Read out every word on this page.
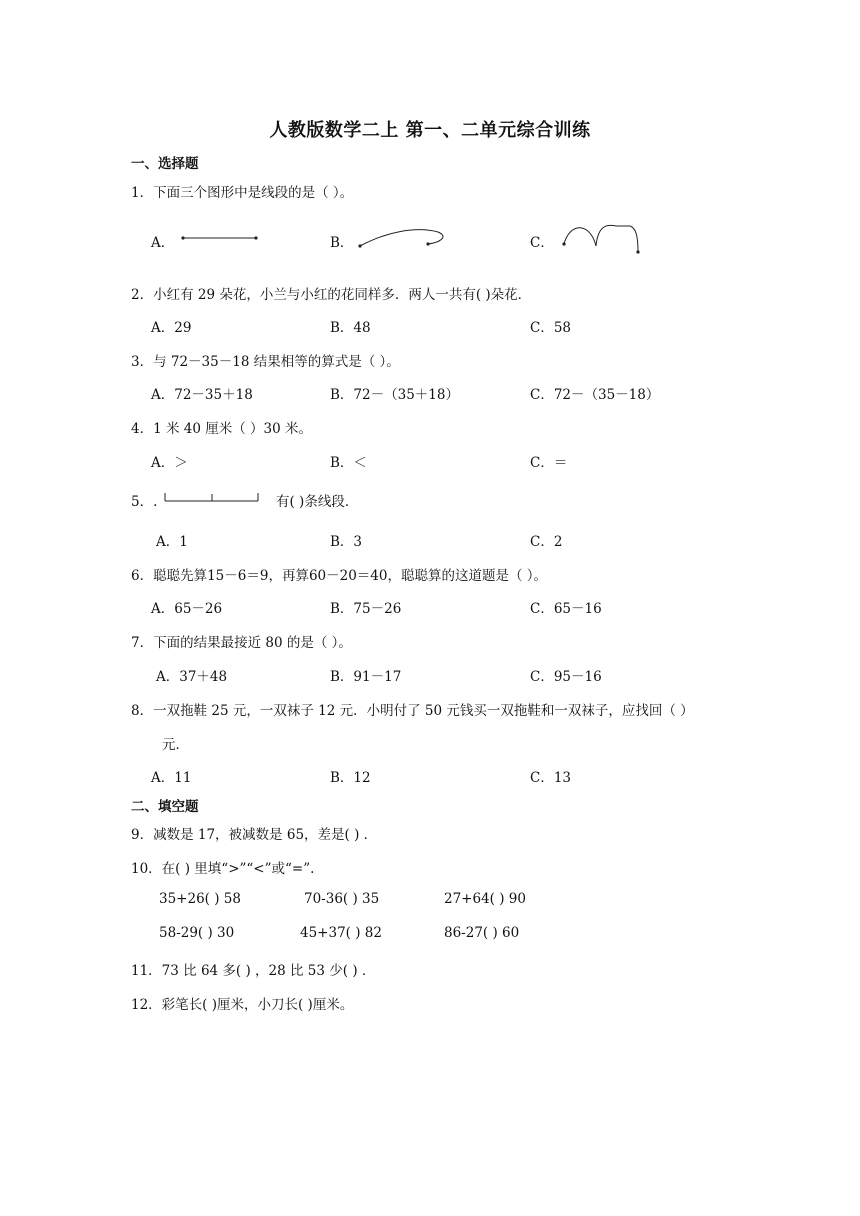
人教版数学二上 第一、二单元综合训练
一、选择题
1．下面三个图形中是线段的是（ ）。
A．	B．	C．
2．小红有 29 朵花，小兰与小红的花同样多．两人一共有( )朵花．
A．29	B．48	C．58
3．与 72－35－18 结果相等的算式是（ ）。
A．72－35＋18	B．72－（35＋18）	C．72－（35－18）
4．1 米 40 厘米（ ）30 米。
A．＞	B．＜	C．＝
5．.	有( )条线段．
A．1	B．3	C．2
6．聪聪先算15－6＝9，再算60－20＝40，聪聪算的这道题是（ ）。
A．65－26	B．75－26	C．65－16
7．下面的结果最接近 80 的是（ ）。
A．37＋48	B．91－17	C．95－16
8．一双拖鞋 25 元，一双袜子 12 元．小明付了 50 元钱买一双拖鞋和一双袜子，应找回（ ）
元．
A．11	B．12	C．13
二、填空题
9．减数是 17，被减数是 65，差是( ) ．
10．在( ) 里填“>”“<”或“=”.
35+26( ) 58	70-36( ) 35	27+64( ) 90
58-29( ) 30	45+37( ) 82	86-27( ) 60
11．73 比 64 多( ) ，28 比 53 少( ) ．
12．彩笔长( )厘米，小刀长( )厘米。
